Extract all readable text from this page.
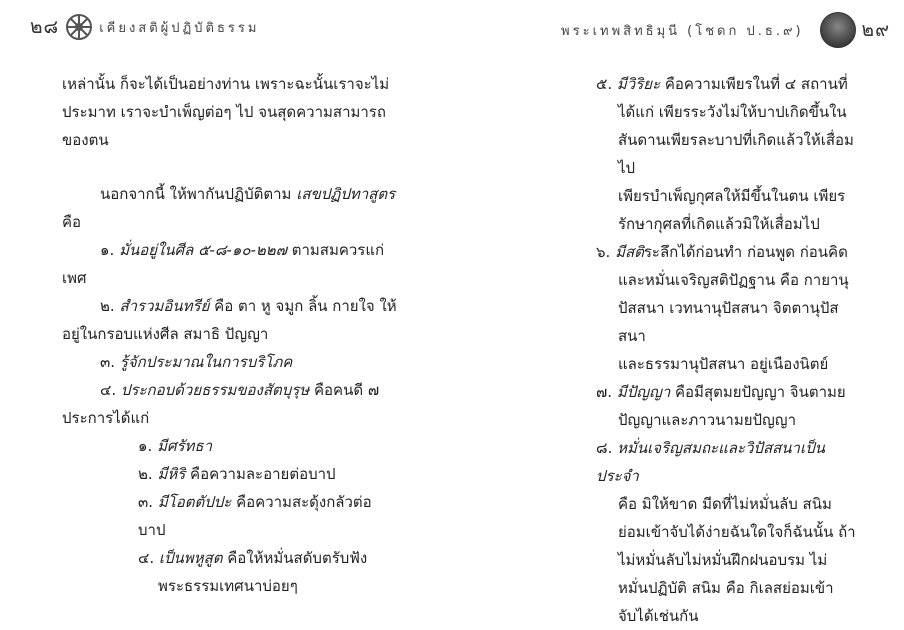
๒๘	เคียงสติผู้ปฏิบัติธรรม	พระเทพสิทธิมุนี (โชดก ป.ธ.๙)	๒๙

เหล่านั้น ก็จะได้เป็นอย่างท่าน เพราะฉะนั้นเราจะไม่ประมาท เราจะบำเพ็ญต่อๆ ไป จนสุดความสามารถของตน

นอกจากนี้ ให้พากันปฏิบัติตาม เสขปฏิปทาสูตร

คือ

๑. มั่นอยู่ในศีล ๕-๘-๑๐-๒๒๗ ตามสมควรแก่

เพศ

๒. สำรวมอินทรีย์ คือ ตา หู จมูก ลิ้น กายใจ ให้

อยู่ในกรอบแห่งศีล สมาธิ ปัญญา

๓. รู้จักประมาณในการบริโภค

๔. ประกอบด้วยธรรมของสัตบุรุษ คือคนดี ๗

ประการได้แก่

๑. มีศรัทธา

๒. มีหิริ คือความละอายต่อบาป

๓. มีโอตตัปปะ คือความสะดุ้งกลัวต่อบาป

๔. เป็นพหูสูต คือให้หมั่นสดับตรับฟัง

พระธรรมเทศนาบ่อยๆ

๕. มีวิริยะ คือความเพียรในที่ ๔ สถานที่

ได้แก่ เพียรระวังไม่ให้บาปเกิดขึ้นใน

สันดานเพียรละบาปที่เกิดแล้วให้เสื่อมไป

เพียรบำเพ็ญกุศลให้มีขึ้นในตน เพียร

รักษากุศลที่เกิดแล้วมิให้เสื่อมไป

๖. มีสติระลึกได้ก่อนทำ ก่อนพูด ก่อนคิด

และหมั่นเจริญสติปัฏฐาน คือ กายานุ

ปัสสนา เวทนานุปัสสนา จิตตานุปัสสนา

และธรรมานุปัสสนา อยู่เนืองนิตย์

๗. มีปัญญา คือมีสุตมยปัญญา จินตามย

ปัญญาและภาวนามยปัญญา

๘. หมั่นเจริญสมถะและวิปัสสนาเป็นประจำ

คือ มิให้ขาด มีดที่ไม่หมั่นลับ สนิม

ย่อมเข้าจับได้ง่ายฉันใดใจก็ฉันนั้น ถ้า

ไม่หมั่นลับไม่หมั่นฝึกฝนอบรม ไม่

หมั่นปฏิบัติ สนิม คือ กิเลสย่อมเข้า

จับได้เช่นกัน
